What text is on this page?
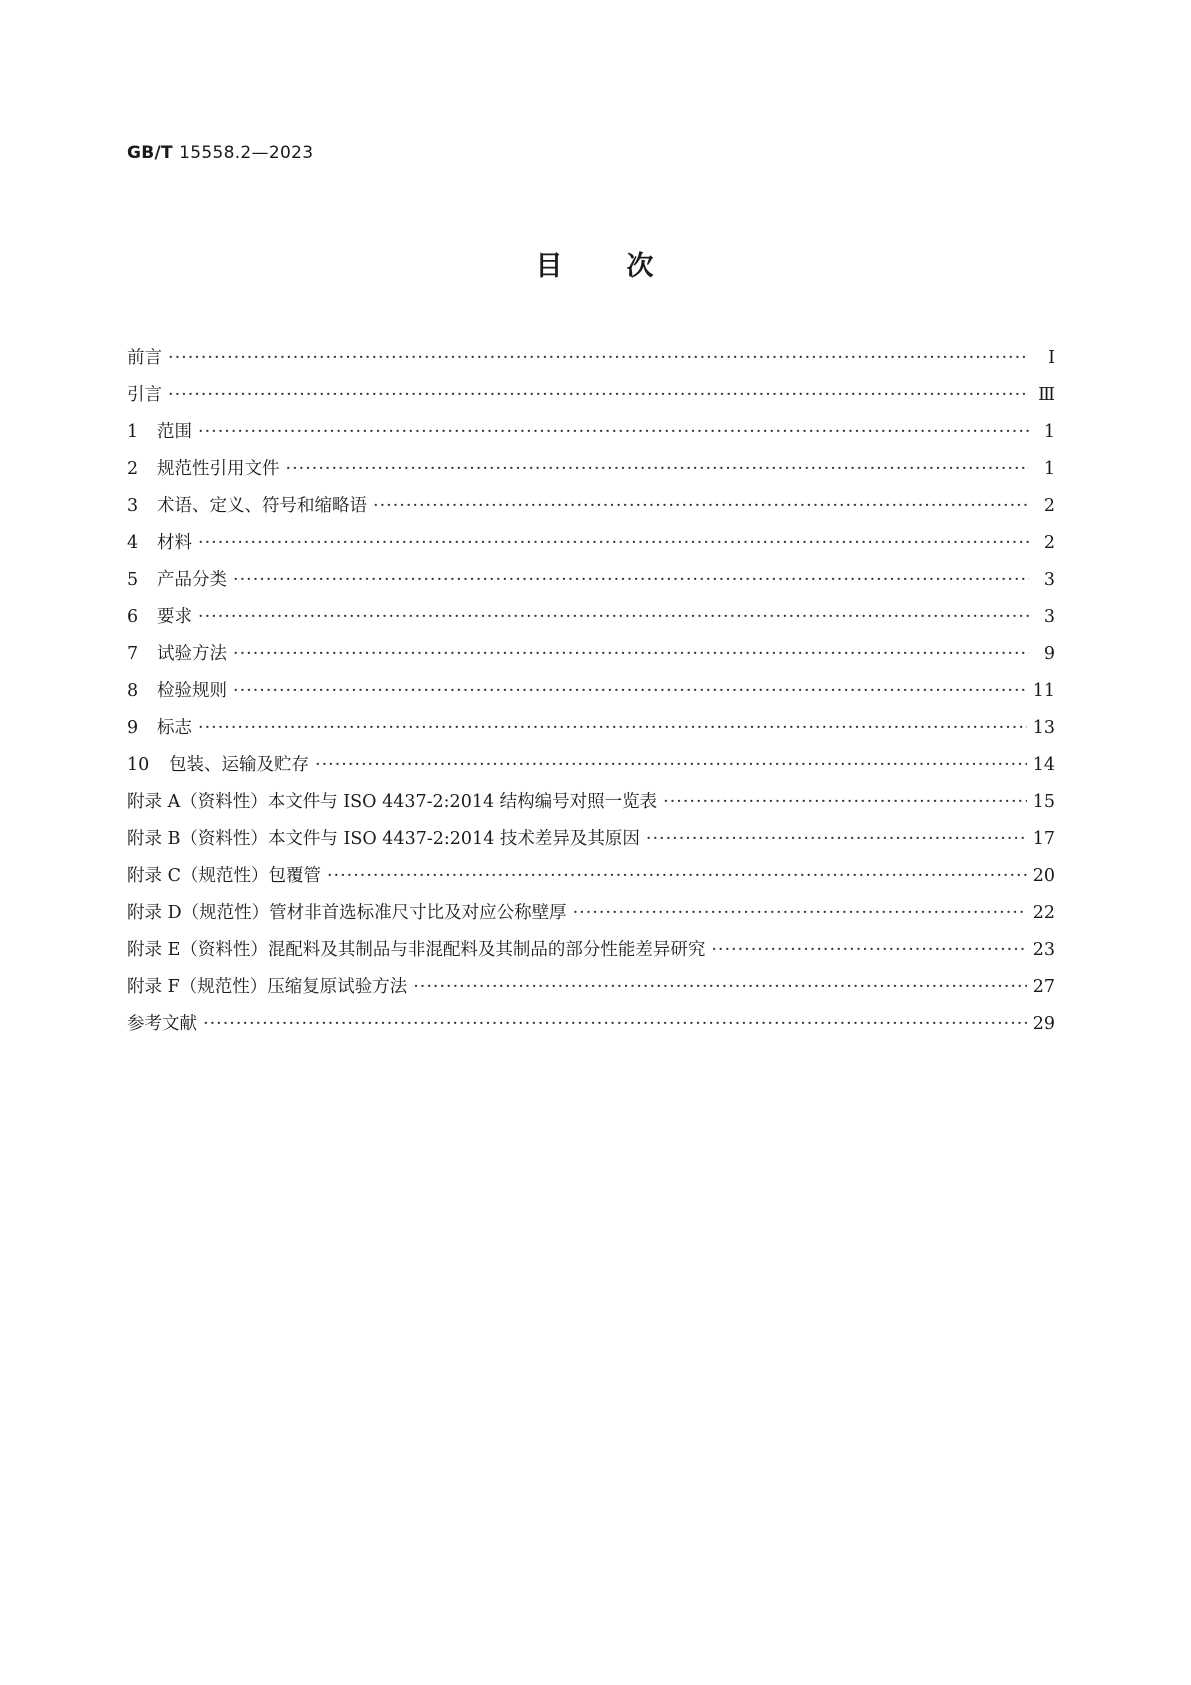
GB/T 15558.2—2023
目 次
前言 ·····	Ⅰ
引言 ·····	Ⅲ
1	范围 ·····	1
2	规范性引用文件 ·····	1
3	术语、定义、符号和缩略语 ·····	2
4	材料 ·····	2
5	产品分类 ·····	3
6	要求 ·····	3
7	试验方法 ·····	9
8	检验规则 ·····	11
9	标志 ·····	13
10	包装、运输及贮存 ·····	14
附录 A（资料性） 本文件与 ISO 4437-2:2014 结构编号对照一览表 ·····	15
附录 B（资料性） 本文件与 ISO 4437-2:2014 技术差异及其原因 ·····	17
附录 C（规范性） 包覆管 ·····	20
附录 D（规范性） 管材非首选标准尺寸比及对应公称壁厚 ·····	22
附录 E（资料性） 混配料及其制品与非混配料及其制品的部分性能差异研究 ·····	23
附录 F（规范性） 压缩复原试验方法 ·····	27
参考文献 ·····	29
